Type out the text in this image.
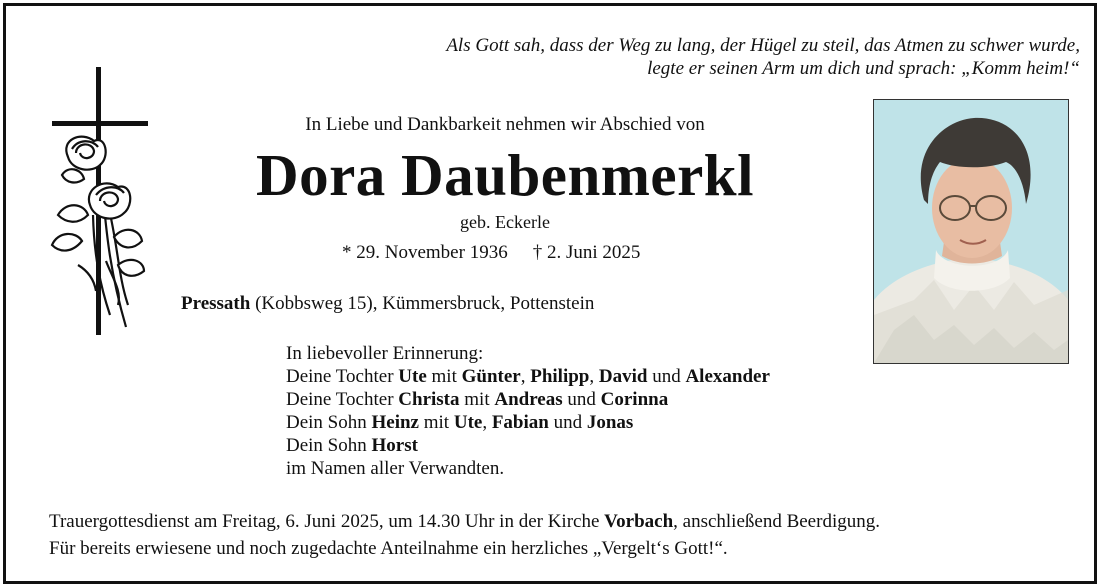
Als Gott sah, dass der Weg zu lang, der Hügel zu steil, das Atmen zu schwer wurde,
legte er seinen Arm um dich und sprach: „Komm heim!“
In Liebe und Dankbarkeit nehmen wir Abschied von
Dora Daubenmerkl
geb. Eckerle
* 29. November 1936 † 2. Juni 2025
Pressath (Kobbsweg 15), Kümmersbruck, Pottenstein
In liebevoller Erinnerung:
Deine Tochter Ute mit Günter, Philipp, David und Alexander
Deine Tochter Christa mit Andreas und Corinna
Dein Sohn Heinz mit Ute, Fabian und Jonas
Dein Sohn Horst
im Namen aller Verwandten.
Trauergottesdienst am Freitag, 6. Juni 2025, um 14.30 Uhr in der Kirche Vorbach, anschließend Beerdigung.
Für bereits erwiesene und noch zugedachte Anteilnahme ein herzliches „Vergelt‘s Gott!“.
